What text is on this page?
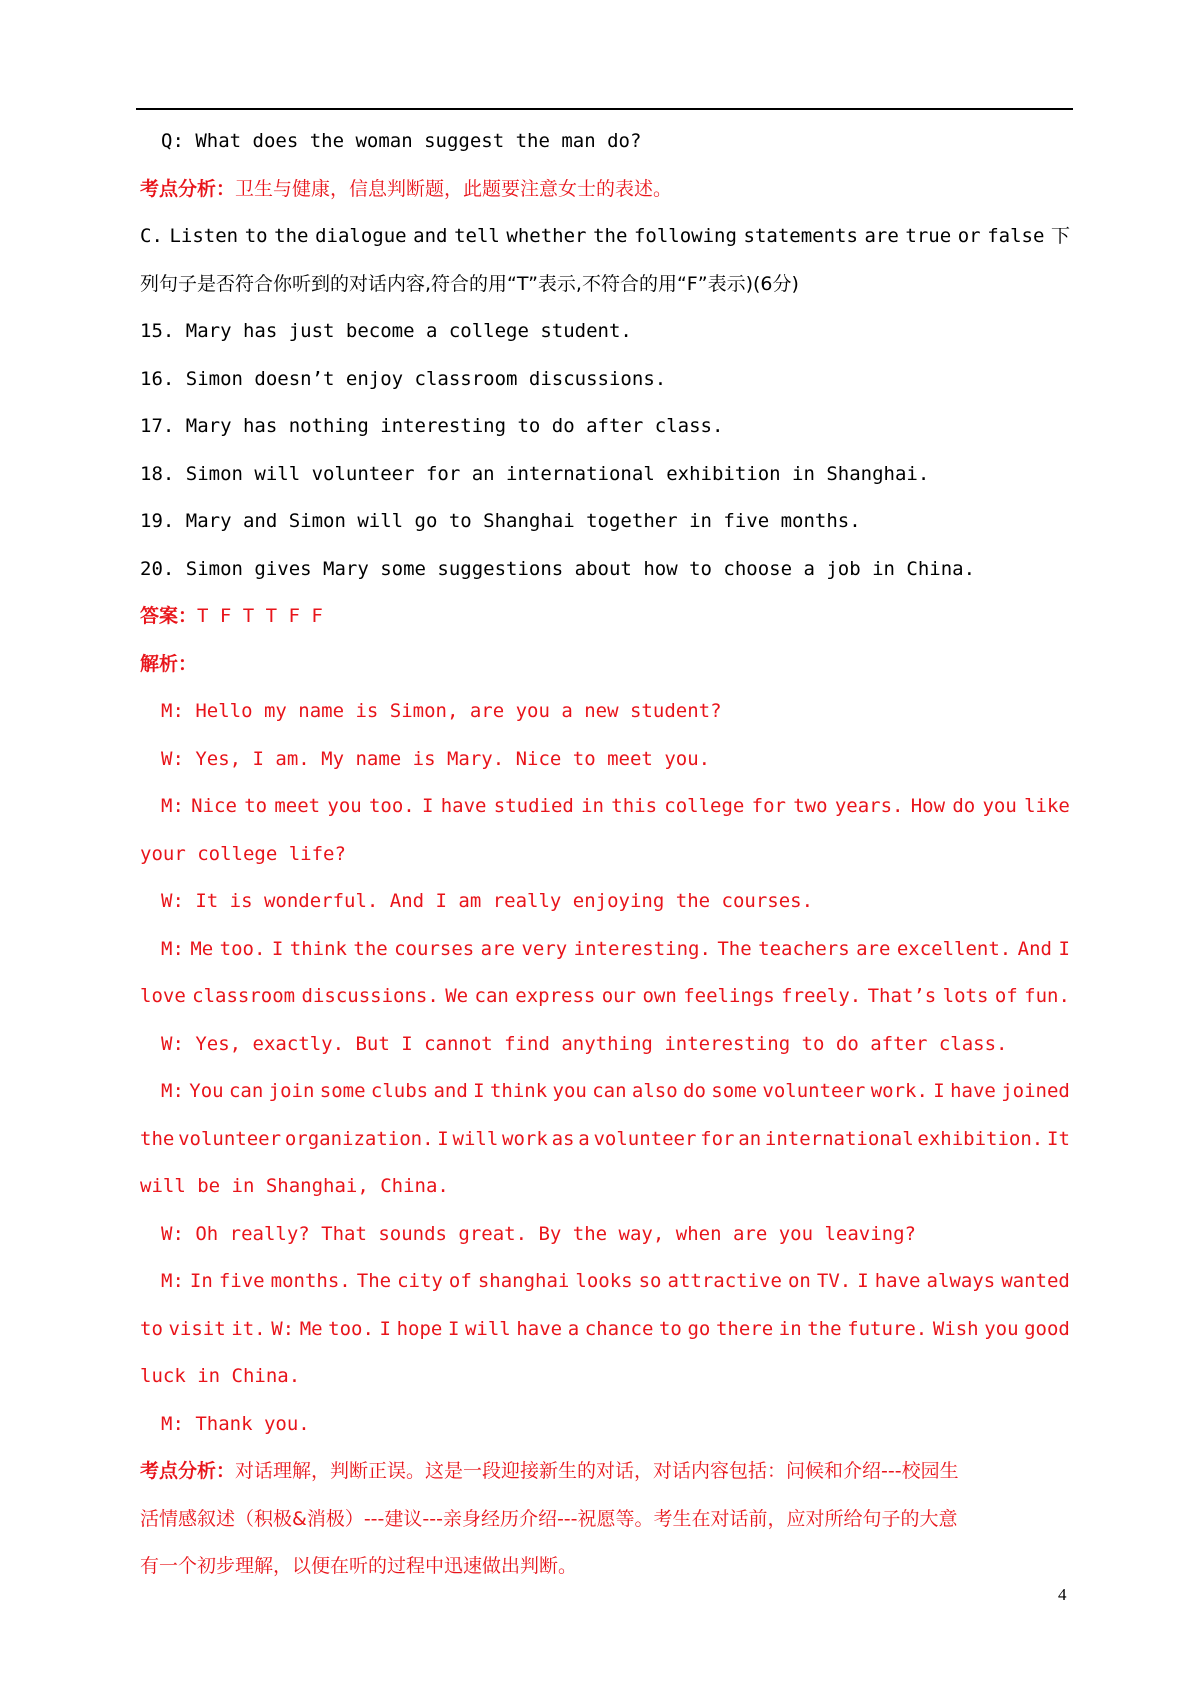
Q: What does the woman suggest the man do?
考点分析：卫生与健康，信息判断题，此题要注意女士的表述。
C. Listen to the dialogue and tell whether the following statements are true or false 下
列句子是否符合你听到的对话内容,符合的用“T”表示,不符合的用“F”表示)(6分)
15. Mary has just become a college student.
16. Simon doesn’t enjoy classroom discussions.
17. Mary has nothing interesting to do after class.
18. Simon will volunteer for an international exhibition in Shanghai.
19. Mary and Simon will go to Shanghai together in five months.
20. Simon gives Mary some suggestions about how to choose a job in China.
答案：T F T T F F
解析：
M: Hello my name is Simon, are you a new student?
W: Yes, I am. My name is Mary. Nice to meet you.
M: Nice to meet you too. I have studied in this college for two years. How do you like
your college life?
W: It is wonderful. And I am really enjoying the courses.
M: Me too. I think the courses are very interesting. The teachers are excellent. And I
love classroom discussions. We can express our own feelings freely. That’s lots of fun.
W: Yes, exactly. But I cannot find anything interesting to do after class.
M: You can join some clubs and I think you can also do some volunteer work. I have joined
the volunteer organization. I will work as a volunteer for an international exhibition. It
will be in Shanghai, China.
W: Oh really? That sounds great. By the way, when are you leaving?
M: In five months. The city of shanghai looks so attractive on TV. I have always wanted
to visit it. W: Me too. I hope I will have a chance to go there in the future. Wish you good
luck in China.
M: Thank you.
考点分析：对话理解，判断正误。这是一段迎接新生的对话，对话内容包括：问候和介绍---校园生
活情感叙述（积极&消极）---建议---亲身经历介绍---祝愿等。考生在对话前，应对所给句子的大意
有一个初步理解，以便在听的过程中迅速做出判断。
4
